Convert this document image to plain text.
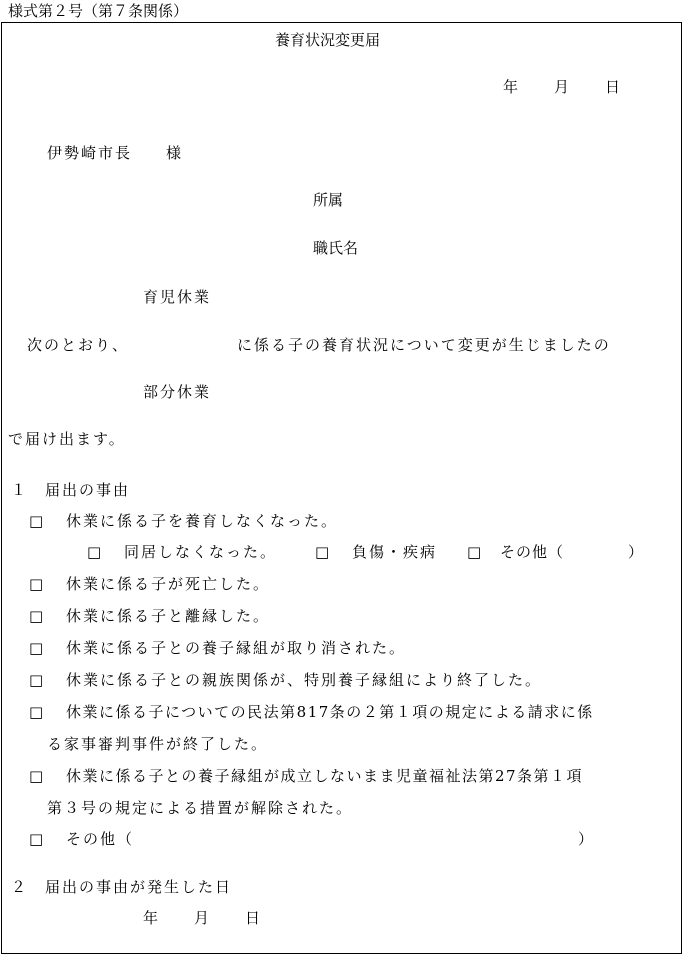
様式第２号（第７条関係）
養育状況変更届
年　　月　　日
伊勢崎市長　　様
所属
職氏名
育児休業
次のとおり、	に係る子の養育状況について変更が生じましたの
部分休業
で届け出ます。
１　届出の事由
□ 休業に係る子を養育しなくなった。
□ 同居しなくなった。	□ 負傷・疾病 □ その他（　　　　）
□ 休業に係る子が死亡した。
□ 休業に係る子と離縁した。
□ 休業に係る子との養子縁組が取り消された。
□ 休業に係る子との親族関係が、特別養子縁組により終了した。
□ 休業に係る子についての民法第817条の２第１項の規定による請求に係
る家事審判事件が終了した。
□ 休業に係る子との養子縁組が成立しないまま児童福祉法第27条第１項
第３号の規定による措置が解除された。
□ その他（	）
２　届出の事由が発生した日
年　　月　　日
